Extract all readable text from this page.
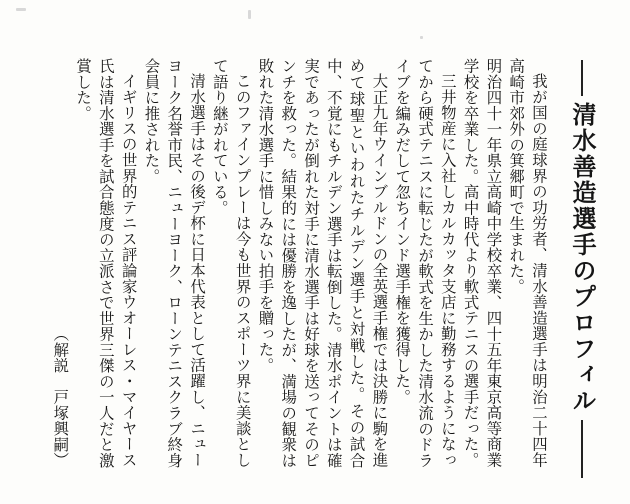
清水善造選手のプロフィル

我が国の庭球界の功労者、清水善造選手は明治二十四年高崎市郊外の箕郷町で生まれた。

明治四十一年県立高崎中学校卒業、四十五年東京高等商業学校を卒業した。高中時代より軟式テニスの選手だった。

三井物産に入社しカルカッタ支店に勤務するようになってから硬式テニスに転じたが軟式を生かした清水流のドライブを編みだして忽ちインド選手権を獲得した。

大正九年ウインブルドンの全英選手権では決勝に駒を進めて球聖といわれたチルデン選手と対戦した。その試合中、不覚にもチルデン選手は転倒した。清水ポイントは確実であったが倒れた対手に清水選手は好球を送ってそのピンチを救った。結果的には優勝を逸したが、満場の観衆は敗れた清水選手に惜しみない拍手を贈った。

このファインプレーは今も世界のスポーツ界に美談として語り継がれている。

清水選手はその後デ杯に日本代表として活躍し、ニューヨーク名誉市民、ニューヨーク、ローンテニスクラブ終身会員に推された。

イギリスの世界的テニス評論家ウオーレス・マイヤース氏は清水選手を試合態度の立派さで世界三傑の一人だと激賞した。

（解説　戸塚興嗣）
